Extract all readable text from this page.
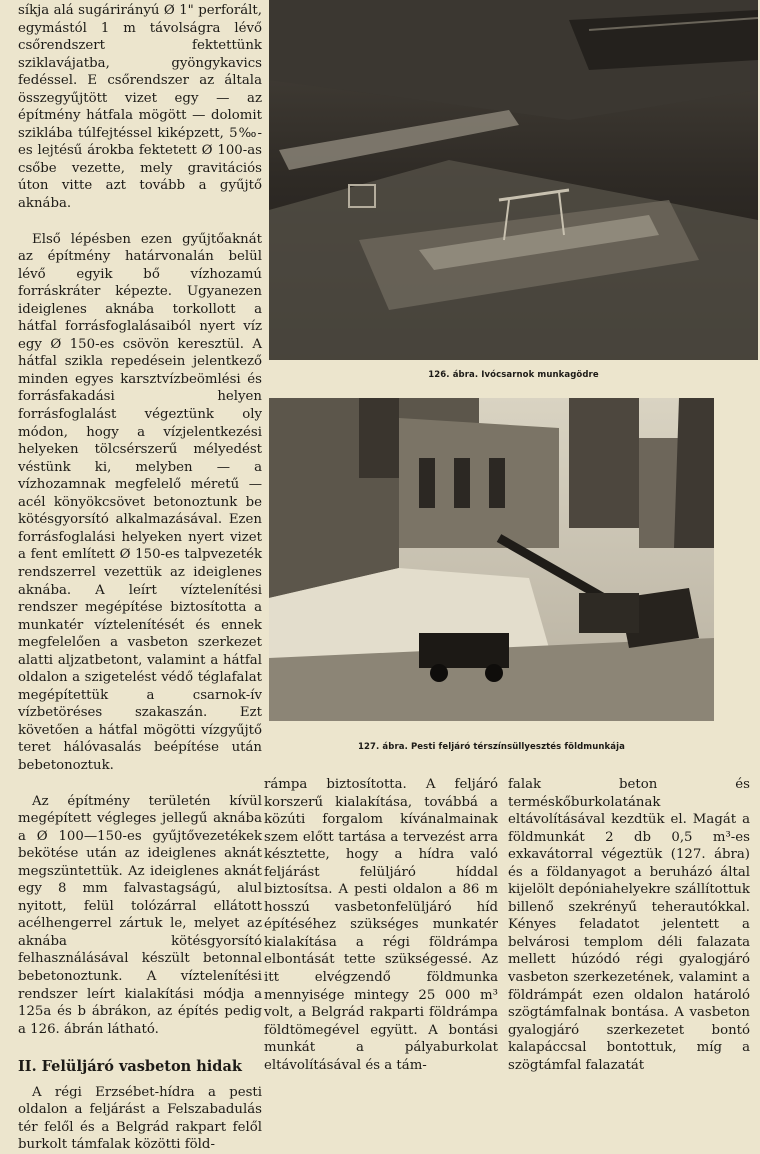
síkja alá sugárirányú Ø 1" perforált, egymástól 1 m távolságra lévő csőrendszert fektettünk sziklavájatba, gyöngykavics fedéssel. E csőrendszer az általa összegyűjtött vizet egy — az építmény hátfala mögött — dolomit sziklába túlfejtéssel kiképzett, 5‰-es lejtésű árokba fektetett Ø 100-as csőbe vezette, mely gravitációs úton vitte azt tovább a gyűjtő aknába.

Első lépésben ezen gyűjtőaknát az építmény határvonalán belül lévő egyik bő vízhozamú forráskráter képezte. Ugyanezen ideiglenes aknába torkollott a hátfal forrásfoglalásaiból nyert víz egy Ø 150-es csövön keresztül. A hátfal szikla repedésein jelentkező minden egyes karsztvízbeömlési és forrásfakadási helyen forrásfoglalást végeztünk oly módon, hogy a vízjelentkezési helyeken tölcsérszerű mélyedést véstünk ki, melyben — a vízhozamnak megfelelő méretű — acél könyökcsövet betonoztunk be kötésgyorsító alkalmazásával. Ezen forrásfoglalási helyeken nyert vizet a fent említett Ø 150-es talpvezeték rendszerrel vezettük az ideiglenes aknába. A leírt víztelenítési rendszer megépítése biztosította a munkatér víztelenítését és ennek megfelelően a vasbeton szerkezet alatti aljzatbetont, valamint a hátfal oldalon a szigetelést védő téglafalat megépítettük a csarnok-ív vízbetöréses szakaszán. Ezt követően a hátfal mögötti vízgyűjtő teret hálóvasalás beépítése után bebetonoztuk.

Az építmény területén kívül megépített végleges jellegű aknába a Ø 100—150-es gyűjtővezetékek bekötése után az ideiglenes aknát megszüntettük. Az ideiglenes aknát egy 8 mm falvastagságú, alul nyitott, felül tolózárral ellátott acélhengerrel zártuk le, melyet az aknába kötésgyorsító felhasználásával készült betonnal bebetonoztunk. A víztelenítési rendszer leírt kialakítási módja a 125a és b ábrákon, az építés pedig a 126. ábrán látható.

II. Felüljáró vasbeton hidak

A régi Erzsébet-hídra a pesti oldalon a feljárást a Felszabadulás tér felől és a Belgrád rakpart felől burkolt támfalak közötti föld-

126. ábra. Ivócsarnok munkagödre
127. ábra. Pesti feljáró térszínsüllyesztés földmunkája

rámpa biztosította. A feljáró korszerű kialakítása, továbbá a közúti forgalom kívánalmainak szem előtt tartása a tervezést arra késztette, hogy a hídra való feljárást felüljáró híddal biztosítsa. A pesti oldalon a 86 m hosszú vasbetonfelüljáró híd építéséhez szükséges munkatér kialakítása a régi földrámpa elbontását tette szükségessé. Az itt elvégzendő földmunka mennyisége mintegy 25 000 m³ volt, a Belgrád rakparti földrámpa földtömegével együtt. A bontási munkát a pályaburkolat eltávolításával és a tám-

falak beton és terméskőburkolatának eltávolításával kezdtük el. Magát a földmunkát 2 db 0,5 m³-es exkavátorral végeztük (127. ábra) és a földanyagot a beruházó által kijelölt depóniahelyekre szállítottuk billenő szekrényű teherautókkal. Kényes feladatot jelentett a belvárosi templom déli falazata mellett húzódó régi gyalogjáró vasbeton szerkezetének, valamint a földrámpát ezen oldalon határoló szögtámfalnak bontása. A vasbeton gyalogjáró szerkezetet bontó kalapáccsal bontottuk, míg a szögtámfal falazatát
